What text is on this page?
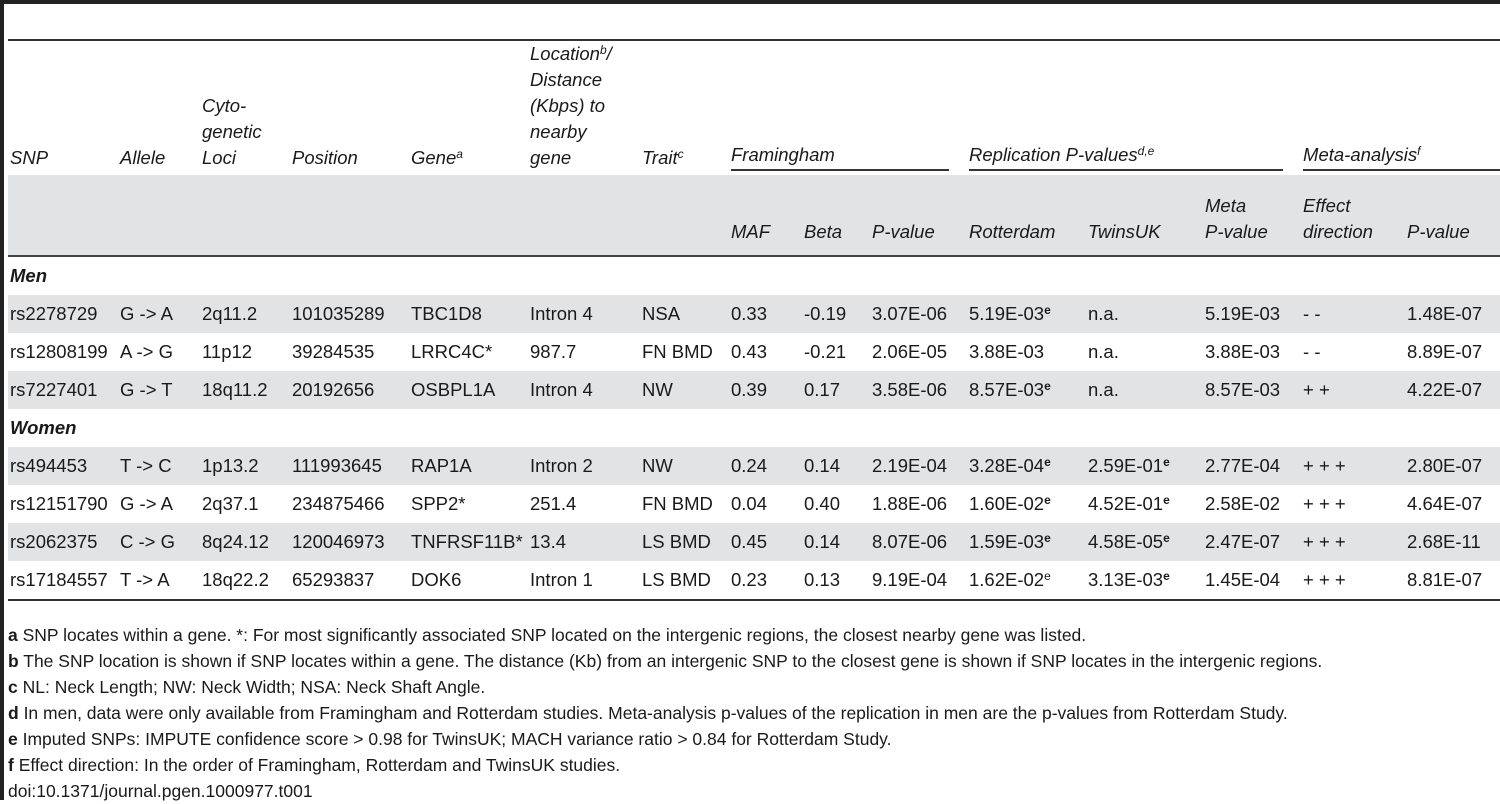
SNP	Allele	Cyto-
genetic
Loci	Position	Gene$^a$	Location$^b$/
Distance
(Kbps) to
nearby
gene	Trait$^c$	Framingham			Replication P-values$^{d,e}$			Meta-analysis$^f$

							MAF	Beta	P-value	Rotterdam	TwinsUK	Meta
P-value	Effect
direction	P-value
Men														
rs2278729	G -> A	2q11.2	101035289	TBC1D8	Intron 4	NSA	0.33	-0.19	3.07E-06	5.19E-03e	n.a.	5.19E-03	- -	1.48E-07
rs12808199	A -> G	11p12	39284535	LRRC4C*	987.7	FN BMD	0.43	-0.21	2.06E-05	3.88E-03	n.a.	3.88E-03	- -	8.89E-07
rs7227401	G -> T	18q11.2	20192656	OSBPL1A	Intron 4	NW	0.39	0.17	3.58E-06	8.57E-03e	n.a.	8.57E-03	+ +	4.22E-07
Women														
rs494453	T -> C	1p13.2	111993645	RAP1A	Intron 2	NW	0.24	0.14	2.19E-04	3.28E-04e	2.59E-01e	2.77E-04	+ + +	2.80E-07
rs12151790	G -> A	2q37.1	234875466	SPP2*	251.4	FN BMD	0.04	0.40	1.88E-06	1.60E-02e	4.52E-01e	2.58E-02	+ + +	4.64E-07
rs2062375	C -> G	8q24.12	120046973	TNFRSF11B*	13.4	LS BMD	0.45	0.14	8.07E-06	1.59E-03e	4.58E-05e	2.47E-07	+ + +	2.68E-11
rs17184557	T -> A	18q22.2	65293837	DOK6	Intron 1	LS BMD	0.23	0.13	9.19E-04	1.62E-02e	3.13E-03e	1.45E-04	+ + +	8.81E-07
a SNP locates within a gene. *: For most significantly associated SNP located on the intergenic regions, the closest nearby gene was listed.
b The SNP location is shown if SNP locates within a gene. The distance (Kb) from an intergenic SNP to the closest gene is shown if SNP locates in the intergenic regions.
c NL: Neck Length; NW: Neck Width; NSA: Neck Shaft Angle.
d In men, data were only available from Framingham and Rotterdam studies. Meta-analysis p-values of the replication in men are the p-values from Rotterdam Study.
e Imputed SNPs: IMPUTE confidence score > 0.98 for TwinsUK; MACH variance ratio > 0.84 for Rotterdam Study.
f Effect direction: In the order of Framingham, Rotterdam and TwinsUK studies.
doi:10.1371/journal.pgen.1000977.t001
